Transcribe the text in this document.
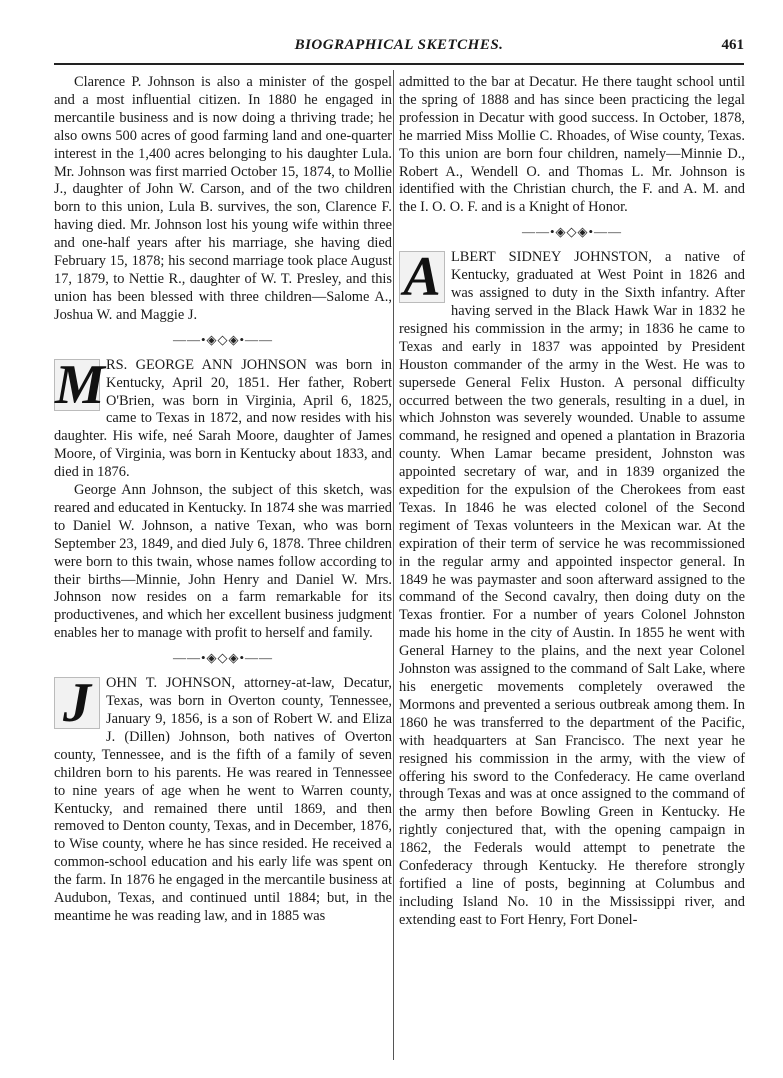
BIOGRAPHICAL SKETCHES.	461

Clarence P. Johnson is also a minister of the gospel and a most influential citizen. In 1880 he engaged in mercantile business and is now doing a thriving trade; he also owns 500 acres of good farming land and one-quarter interest in the 1,400 acres belonging to his daughter Lula. Mr. Johnson was first married October 15, 1874, to Mollie J., daughter of John W. Carson, and of the two children born to this union, Lula B. survives, the son, Clarence F. having died. Mr. Johnson lost his young wife within three and one-half years after his marriage, she having died February 15, 1878; his second marriage took place August 17, 1879, to Nettie R., daughter of W. T. Presley, and this union has been blessed with three children—Salome A., Joshua W. and Maggie J.

——•◈◇◈•——

M RS. GEORGE ANN JOHNSON was born in Kentucky, April 20, 1851. Her father, Robert O'Brien, was born in Virginia, April 6, 1825, came to Texas in 1872, and now resides with his daughter. His wife, neé Sarah Moore, daughter of James Moore, of Virginia, was born in Kentucky about 1833, and died in 1876.

George Ann Johnson, the subject of this sketch, was reared and educated in Kentucky. In 1874 she was married to Daniel W. Johnson, a native Texan, who was born September 23, 1849, and died July 6, 1878. Three children were born to this twain, whose names follow according to their births—Minnie, John Henry and Daniel W. Mrs. Johnson now resides on a farm remarkable for its productivenes, and which her excellent business judgment enables her to manage with profit to herself and family.

——•◈◇◈•——

J	OHN T. JOHNSON, attorney-at-law, Decatur, Texas, was born in Overton county, Tennessee, January 9, 1856, is a son of Robert W. and Eliza J. (Dillen) Johnson, both natives of Overton county, Tennessee, and is the fifth of a family of seven children born to his parents. He was reared in Tennessee to nine years of age when he went to Warren county, Kentucky, and remained there until 1869, and then removed to Denton county, Texas, and in December, 1876, to Wise county, where he has since resided. He received a common-school education and his early life was spent on the farm. In 1876 he engaged in the mercantile business at Audubon, Texas, and continued until 1884; but, in the meantime he was reading law, and in 1885 was

admitted to the bar at Decatur. He there taught school until the spring of 1888 and has since been practicing the legal profession in Decatur with good success. In October, 1878, he married Miss Mollie C. Rhoades, of Wise county, Texas. To this union are born four children, namely—Minnie D., Robert A., Wendell O. and Thomas L. Mr. Johnson is identified with the Christian church, the F. and A. M. and the I. O. O. F. and is a Knight of Honor.

——•◈◇◈•——

A LBERT SIDNEY JOHNSTON, a native of Kentucky, graduated at West Point in 1826 and was assigned to duty in the Sixth infantry. After having served in the Black Hawk War in 1832 he resigned his commission in the army; in 1836 he came to Texas and early in 1837 was appointed by President Houston commander of the army in the West. He was to supersede General Felix Huston. A personal difficulty occurred between the two generals, resulting in a duel, in which Johnston was severely wounded. Unable to assume command, he resigned and opened a plantation in Brazoria county. When Lamar became president, Johnston was appointed secretary of war, and in 1839 organized the expedition for the expulsion of the Cherokees from east Texas. In 1846 he was elected colonel of the Second regiment of Texas volunteers in the Mexican war. At the expiration of their term of service he was recommissioned in the regular army and appointed inspector general. In 1849 he was paymaster and soon afterward assigned to the command of the Second cavalry, then doing duty on the Texas frontier. For a number of years Colonel Johnston made his home in the city of Austin. In 1855 he went with General Harney to the plains, and the next year Colonel Johnston was assigned to the command of Salt Lake, where his energetic movements completely overawed the Mormons and prevented a serious outbreak among them. In 1860 he was transferred to the department of the Pacific, with headquarters at San Francisco. The next year he resigned his commission in the army, with the view of offering his sword to the Confederacy. He came overland through Texas and was at once assigned to the command of the army then before Bowling Green in Kentucky. He rightly conjectured that, with the opening campaign in 1862, the Federals would attempt to penetrate the Confederacy through Kentucky. He therefore strongly fortified a line of posts, beginning at Columbus and including Island No. 10 in the Mississippi river, and extending east to Fort Henry, Fort Donel-
